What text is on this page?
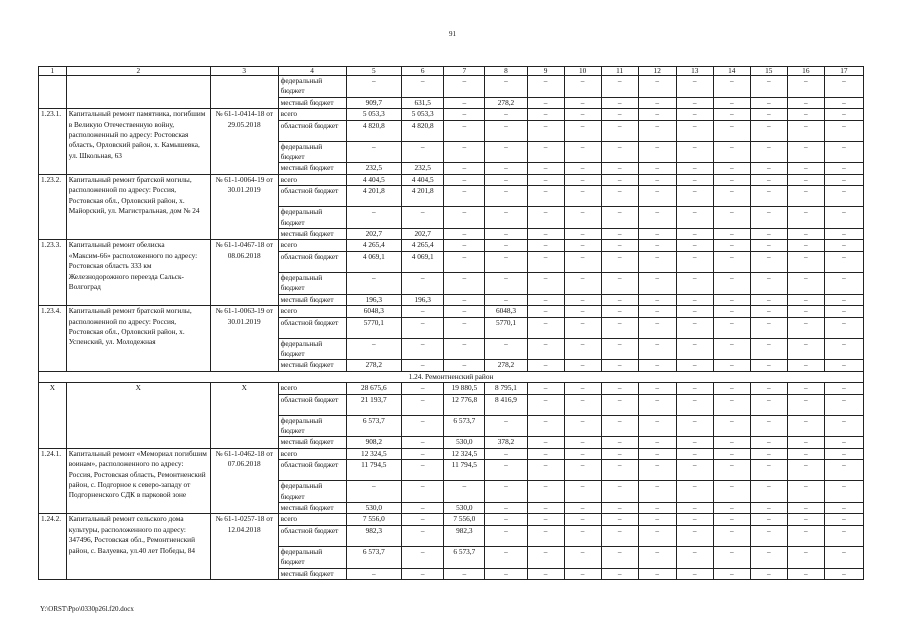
91
1	2	3	4	5	6	7	8	9	10	11	12	13	14	15	16	17
			федеральный бюджет	–	–	–	–	–	–	–	–	–	–	–	–	–
			местный бюджет	909,7	631,5	–	278,2	–	–	–	–	–	–	–	–	–
1.23.1.	Капитальный ремонт памятника, погибшим в Великую Отечественную войну, расположенный по адресу: Ростовская область, Орловский район, х. Камышевка, ул. Школьная, 63	№ 61-1-0414-18 от 29.05.2018	всего	5 053,3	5 053,3	–	–	–	–	–	–	–	–	–	–	–
			областной бюджет	4 820,8	4 820,8	–	–	–	–	–	–	–	–	–	–	–
			федеральный бюджет	–	–	–	–	–	–	–	–	–	–	–	–	–
			местный бюджет	232,5	232,5	–	–	–	–	–	–	–	–	–	–	–
1.23.2.	Капитальный ремонт братской могилы, расположенной по адресу: Россия, Ростовская обл., Орловский район, х. Майорский, ул. Магистральная, дом № 24	№ 61-1-0064-19 от 30.01.2019	всего	4 404,5	4 404,5	–	–	–	–	–	–	–	–	–	–	–
			областной бюджет	4 201,8	4 201,8	–	–	–	–	–	–	–	–	–	–	–
			федеральный бюджет	–	–	–	–	–	–	–	–	–	–	–	–	–
			местный бюджет	202,7	202,7	–	–	–	–	–	–	–	–	–	–	–
1.23.3.	Капитальный ремонт обелиска «Максим-66» расположенного по адресу: Ростовская область 333 км Железнодорожного переезда Сальск-Волгоград	№ 61-1-0467-18 от 08.06.2018	всего	4 265,4	4 265,4	–	–	–	–	–	–	–	–	–	–	–
			областной бюджет	4 069,1	4 069,1	–	–	–	–	–	–	–	–	–	–	–
			федеральный бюджет	–	–	–	–	–	–	–	–	–	–	–	–	–
			местный бюджет	196,3	196,3	–	–	–	–	–	–	–	–	–	–	–
1.23.4.	Капитальный ремонт братской могилы, расположенной по адресу: Россия, Ростовская обл., Орловский район, х. Успенский, ул. Молодежная	№ 61-1-0063-19 от 30.01.2019	всего	6048,3	–	–	6048,3	–	–	–	–	–	–	–	–	–
			областной бюджет	5770,1	–	–	5770,1	–	–	–	–	–	–	–	–	–
			федеральный бюджет	–	–	–	–	–	–	–	–	–	–	–	–	–
			местный бюджет	278,2	–	–	278,2	–	–	–	–	–	–	–	–	–
1.24. Ремонтненский район																
Х	Х	Х	всего	28 675,6	–	19 880,5	8 795,1	–	–	–	–	–	–	–	–	–
			областной бюджет	21 193,7	–	12 776,8	8 416,9	–	–	–	–	–	–	–	–	–
			федеральный бюджет	6 573,7	–	6 573,7	–	–	–	–	–	–	–	–	–	–
			местный бюджет	908,2	–	530,0	378,2	–	–	–	–	–	–	–	–	–
1.24.1.	Капитальный ремонт «Мемориал погибшим воинам», расположенного по адресу: Россия, Ростовская область, Ремонтненский район, с. Подгорное к северо-западу от Подгорненского СДК в парковой зоне	№ 61-1-0462-18 от 07.06.2018	всего	12 324,5	–	12 324,5	–	–	–	–	–	–	–	–	–	–
			областной бюджет	11 794,5	–	11 794,5	–	–	–	–	–	–	–	–	–	–
			федеральный бюджет	–	–	–	–	–	–	–	–	–	–	–	–	–
			местный бюджет	530,0	–	530,0	–	–	–	–	–	–	–	–	–	–
1.24.2.	Капитальный ремонт сельского дома культуры, расположенного по адресу: 347496, Ростовская обл., Ремонтненский район, с. Валуевка, ул.40 лет Победы, 84	№ 61-1-0257-18 от 12.04.2018	всего	7 556,0	–	7 556,0	–	–	–	–	–	–	–	–	–	–
			областной бюджет	982,3	–	982,3	–	–	–	–	–	–	–	–	–	–
			федеральный бюджет	6 573,7	–	6 573,7	–	–	–	–	–	–	–	–	–	–
			местный бюджет	–	–	–	–	–	–	–	–	–	–	–	–	–
Y:\ORST\Ppo\0330p26l.f20.docx
